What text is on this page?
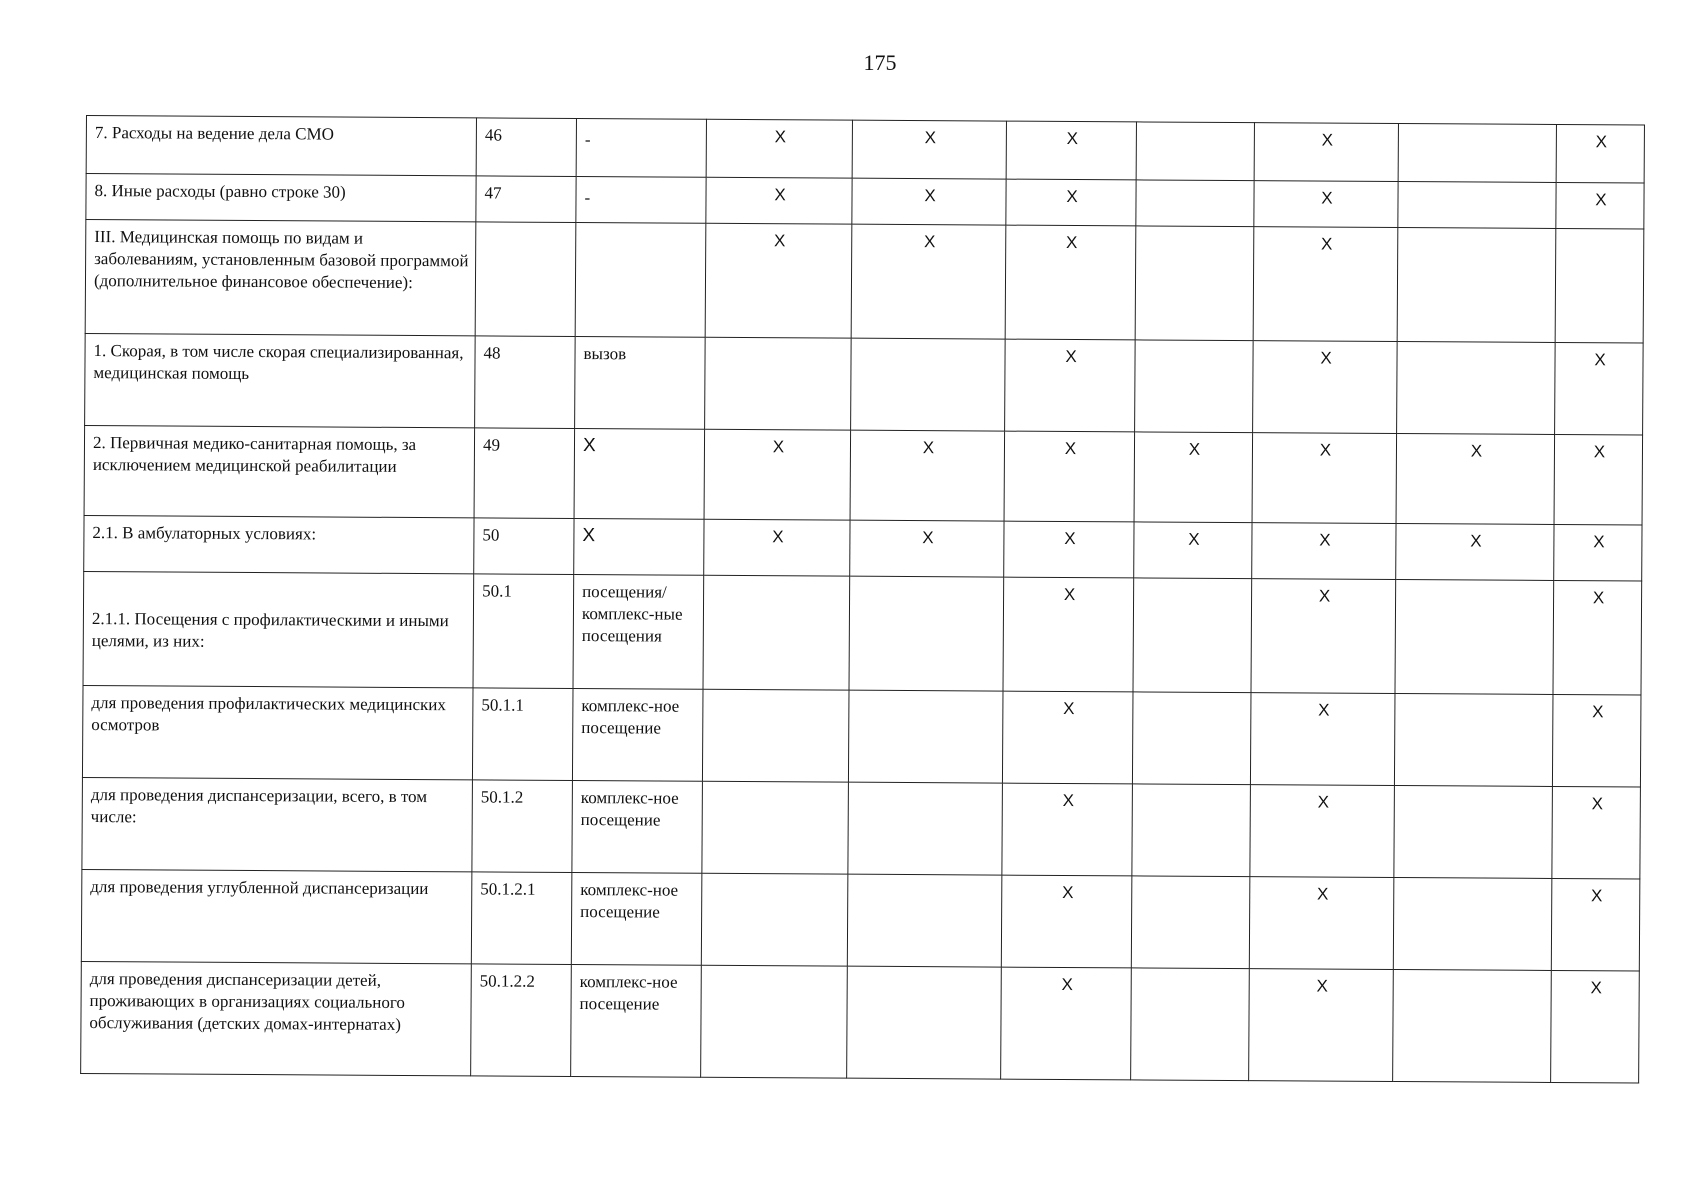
175
7. Расходы на ведение дела СМО	46	-	X	X	X		X		X
8. Иные расходы (равно строке 30)	47	-	X	X	X		X		X
III. Медицинская помощь по видам и заболеваниям, установленным базовой программой (дополнительное финансовое обеспечение):			X	X	X		X		
1. Скорая, в том числе скорая специализированная, медицинская помощь	48	вызов			X		X		X
2. Первичная медико-санитарная помощь, за исключением медицинской реабилитации	49	X	X	X	X	X	X	X	X
2.1. В амбулаторных условиях:	50	X	X	X	X	X	X	X	X
2.1.1. Посещения с профилактическими и иными целями, из них:	50.1	посещения/ комплекс-ные посещения			X		X		X
для проведения профилактических медицинских осмотров	50.1.1	комплекс-ное посещение			X		X		X
для проведения диспансеризации, всего, в том числе:	50.1.2	комплекс-ное посещение			X		X		X
для проведения углубленной диспансеризации	50.1.2.1	комплекс-ное посещение			X		X		X
для проведения диспансеризации детей, проживающих в организациях социального обслуживания (детских домах-интернатах)	50.1.2.2	комплекс-ное посещение			X		X		X
